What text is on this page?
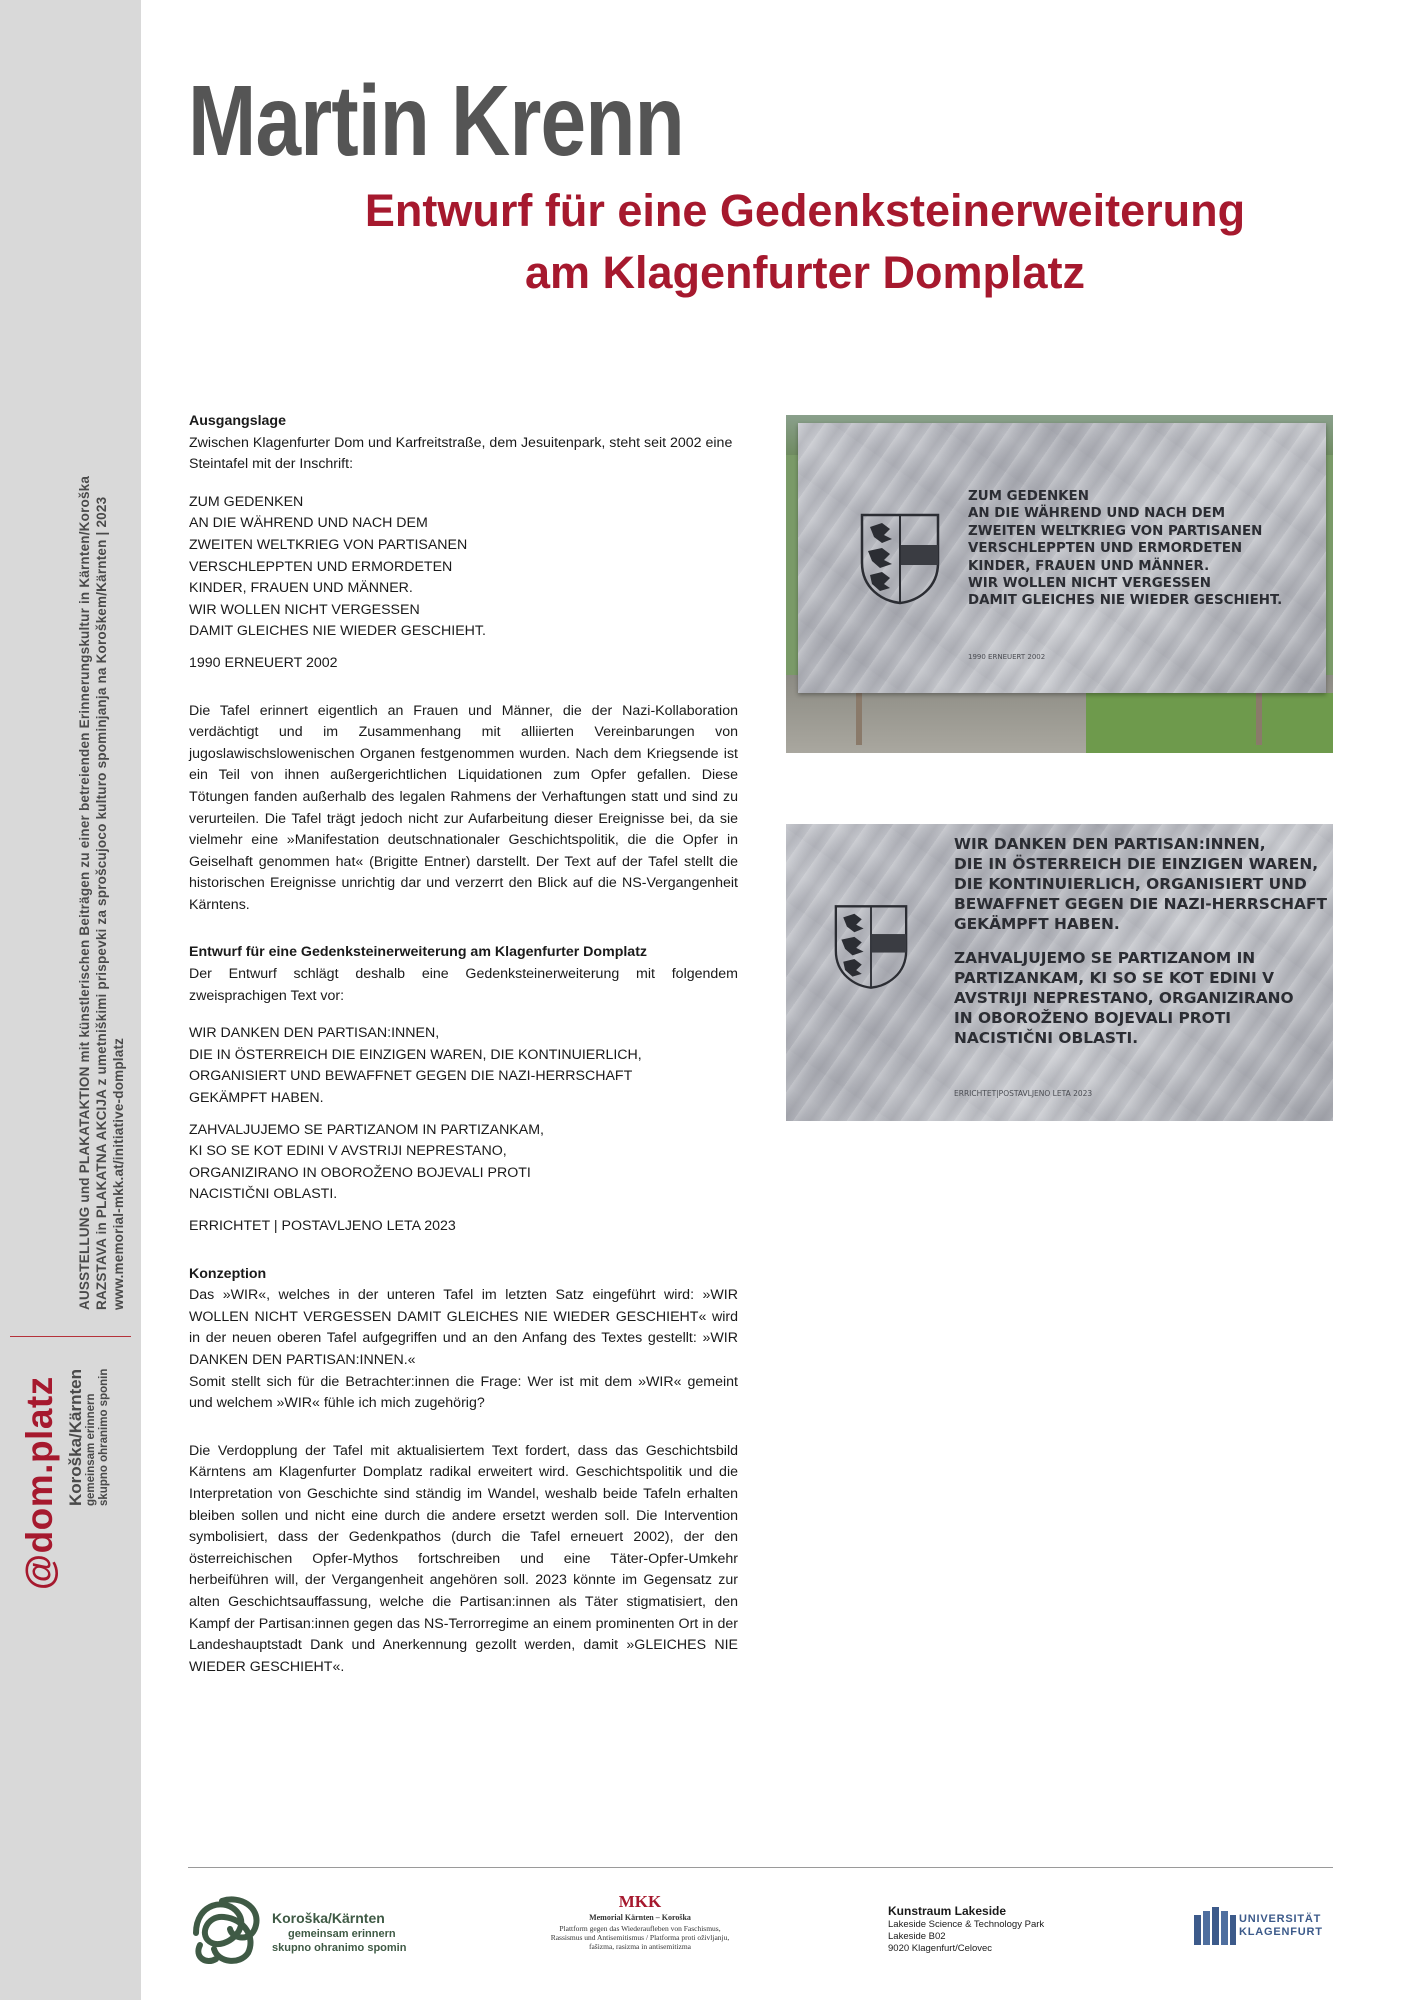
AUSSTELLUNG und PLAKATAKTION mit künstlerischen Beiträgen zu einer betreienden Erinnerungskultur in Kärnten/Koroška RAZSTAVA in PLAKATNA AKCIJA z umetniškimi prispevki za sprošcujoco kulturo spominjanja na Koroškem/Kärnten | 2023 www.memorial-mkk.at/initiative-domplatz
@dom.platz Koroška/Kärnten gemeinsam erinnern skupno ohranimo sponin
Martin Krenn
Entwurf für eine Gedenksteinerweiterung
am Klagenfurter Domplatz
Ausgangslage

Zwischen Klagenfurter Dom und Karfreitstraße, dem Jesuitenpark, steht seit 2002 eine Steintafel mit der Inschrift:

ZUM GEDENKEN
AN DIE WÄHREND UND NACH DEM
ZWEITEN WELTKRIEG VON PARTISANEN
VERSCHLEPPTEN UND ERMORDETEN
KINDER, FRAUEN UND MÄNNER.
WIR WOLLEN NICHT VERGESSEN
DAMIT GLEICHES NIE WIEDER GESCHIEHT.
1990 ERNEUERT 2002

Die Tafel erinnert eigentlich an Frauen und Männer, die der Nazi-Kollaboration verdächtigt und im Zusammenhang mit alliierten Vereinbarungen von jugoslawischslowenischen Organen festgenommen wurden. Nach dem Kriegsende ist ein Teil von ihnen außergerichtlichen Liquidationen zum Opfer gefallen. Diese Tötungen fanden außerhalb des legalen Rahmens der Verhaftungen statt und sind zu verurteilen. Die Tafel trägt jedoch nicht zur Aufarbeitung dieser Ereignisse bei, da sie vielmehr eine »Manifestation deutschnationaler Geschichtspolitik, die die Opfer in Geiselhaft genommen hat« (Brigitte Entner) darstellt. Der Text auf der Tafel stellt die historischen Ereignisse unrichtig dar und verzerrt den Blick auf die NS-Vergangenheit Kärntens.

Entwurf für eine Gedenksteinerweiterung am Klagenfurter Domplatz

Der Entwurf schlägt deshalb eine Gedenksteinerweiterung mit folgendem zweisprachigen Text vor:

WIR DANKEN DEN PARTISAN:INNEN,
DIE IN ÖSTERREICH DIE EINZIGEN WAREN, DIE KONTINUIERLICH,
ORGANISIERT UND BEWAFFNET GEGEN DIE NAZI-HERRSCHAFT
GEKÄMPFT HABEN.
ZAHVALJUJEMO SE PARTIZANOM IN PARTIZANKAM,
KI SO SE KOT EDINI V AVSTRIJI NEPRESTANO,
ORGANIZIRANO IN OBOROŽENO BOJEVALI PROTI
NACISTIČNI OBLASTI.
ERRICHTET | POSTAVLJENO LETA 2023
Konzeption

Das »WIR«, welches in der unteren Tafel im letzten Satz eingeführt wird: »WIR WOLLEN NICHT VERGESSEN DAMIT GLEICHES NIE WIEDER GESCHIEHT« wird in der neuen oberen Tafel aufgegriffen und an den Anfang des Textes gestellt: »WIR DANKEN DEN PARTISAN:INNEN.«

Somit stellt sich für die Betrachter:innen die Frage: Wer ist mit dem »WIR« gemeint und welchem »WIR« fühle ich mich zugehörig?

Die Verdopplung der Tafel mit aktualisiertem Text fordert, dass das Geschichtsbild Kärntens am Klagenfurter Domplatz radikal erweitert wird. Geschichtspolitik und die Interpretation von Geschichte sind ständig im Wandel, weshalb beide Tafeln erhalten bleiben sollen und nicht eine durch die andere ersetzt werden soll. Die Intervention symbolisiert, dass der Gedenkpathos (durch die Tafel erneuert 2002), der den österreichischen Opfer-Mythos fortschreiben und eine Täter-Opfer-Umkehr herbeiführen will, der Vergangenheit angehören soll. 2023 könnte im Gegensatz zur alten Geschichtsauffassung, welche die Partisan:innen als Täter stigmatisiert, den Kampf der Partisan:innen gegen das NS-Terrorregime an einem prominenten Ort in der Landeshauptstadt Dank und Anerkennung gezollt werden, damit »GLEICHES NIE WIEDER GESCHIEHT«.

ZUM GEDENKEN
AN DIE WÄHREND UND NACH DEM
ZWEITEN WELTKRIEG VON PARTISANEN
VERSCHLEPPTEN UND ERMORDETEN
KINDER, FRAUEN UND MÄNNER.
WIR WOLLEN NICHT VERGESSEN
DAMIT GLEICHES NIE WIEDER GESCHIEHT.
1990 ERNEUERT 2002
WIR DANKEN DEN PARTISAN:INNEN,
DIE IN ÖSTERREICH DIE EINZIGEN WAREN,
DIE KONTINUIERLICH, ORGANISIERT UND
BEWAFFNET GEGEN DIE NAZI-HERRSCHAFT
GEKÄMPFT HABEN.
ZAHVALJUJEMO SE PARTIZANOM IN
PARTIZANKAM, KI SO SE KOT EDINI V
AVSTRIJI NEPRESTANO, ORGANIZIRANO
IN OBOROŽENO BOJEVALI PROTI
NACISTIČNI OBLASTI.
ERRICHTET|POSTAVLJENO LETA 2023
Koroška/Kärnten
gemeinsam erinnern
skupno ohranimo spomin
MKK
Memorial Kärnten – Koroška
Plattform gegen das Wiederaufleben von Faschismus,
Rassismus und Antisemitismus / Platforma proti oživljanju,
fašizma, rasizma in antisemitizma
Kunstraum Lakeside
Lakeside Science & Technology Park
Lakeside B02
9020 Klagenfurt/Celovec
UNIVERSITÄT
KLAGENFURT
